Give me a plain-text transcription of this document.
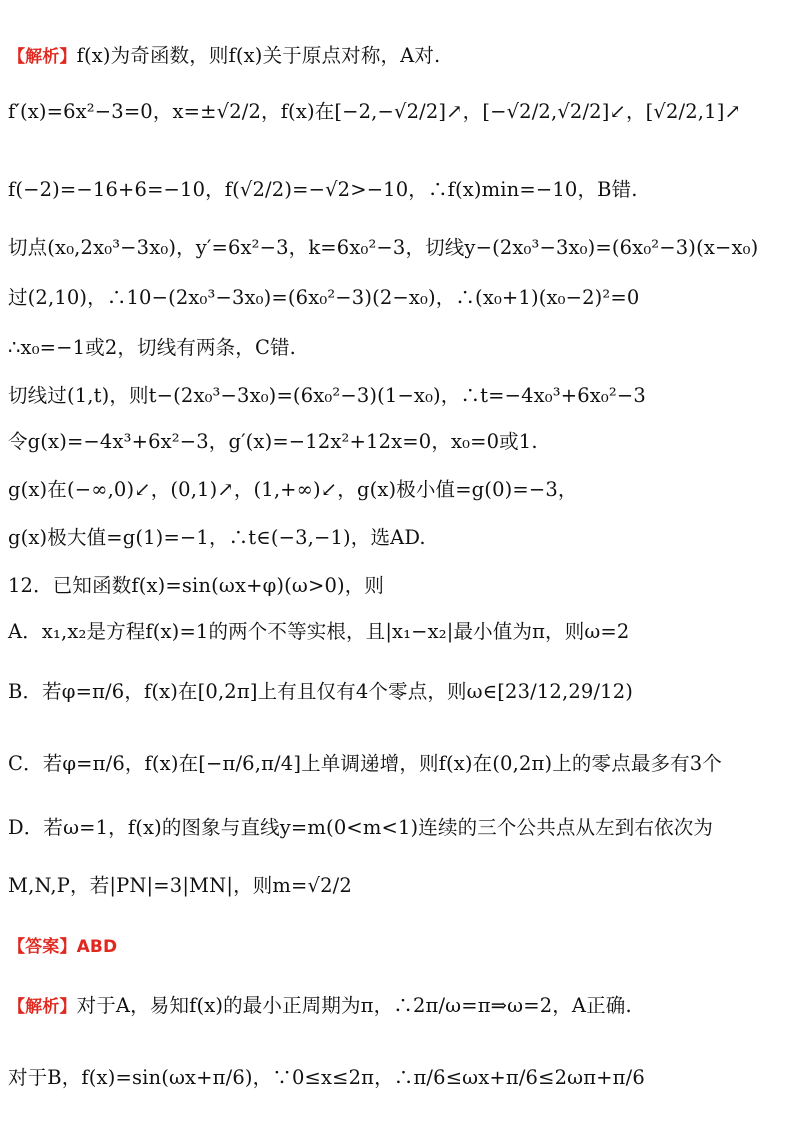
【解析】f(x)为奇函数，则f(x)关于原点对称，A对.
f′(x)=6x²−3=0，x=±√2/2，f(x)在[−2,−√2/2]↗，[−√2/2,√2/2]↙，[√2/2,1]↗
f(−2)=−16+6=−10，f(√2/2)=−√2>−10，∴f(x)min=−10，B错.
切点(x₀,2x₀³−3x₀)，y′=6x²−3，k=6x₀²−3，切线y−(2x₀³−3x₀)=(6x₀²−3)(x−x₀)
过(2,10)，∴10−(2x₀³−3x₀)=(6x₀²−3)(2−x₀)，∴(x₀+1)(x₀−2)²=0
∴x₀=−1或2，切线有两条，C错.
切线过(1,t)，则t−(2x₀³−3x₀)=(6x₀²−3)(1−x₀)，∴t=−4x₀³+6x₀²−3
令g(x)=−4x³+6x²−3，g′(x)=−12x²+12x=0，x₀=0或1.
g(x)在(−∞,0)↙，(0,1)↗，(1,+∞)↙，g(x)极小值=g(0)=−3，
g(x)极大值=g(1)=−1，∴t∈(−3,−1)，选AD.
12．已知函数f(x)=sin(ωx+φ)(ω>0)，则
A．x₁,x₂是方程f(x)=1的两个不等实根，且|x₁−x₂|最小值为π，则ω=2
B．若φ=π/6，f(x)在[0,2π]上有且仅有4个零点，则ω∈[23/12,29/12)
C．若φ=π/6，f(x)在[−π/6,π/4]上单调递增，则f(x)在(0,2π)上的零点最多有3个
D．若ω=1，f(x)的图象与直线y=m(0<m<1)连续的三个公共点从左到右依次为
M,N,P，若|PN|=3|MN|，则m=√2/2
【答案】ABD
【解析】对于A，易知f(x)的最小正周期为π，∴2π/ω=π⇒ω=2，A正确.
对于B，f(x)=sin(ωx+π/6)，∵0≤x≤2π，∴π/6≤ωx+π/6≤2ωπ+π/6
